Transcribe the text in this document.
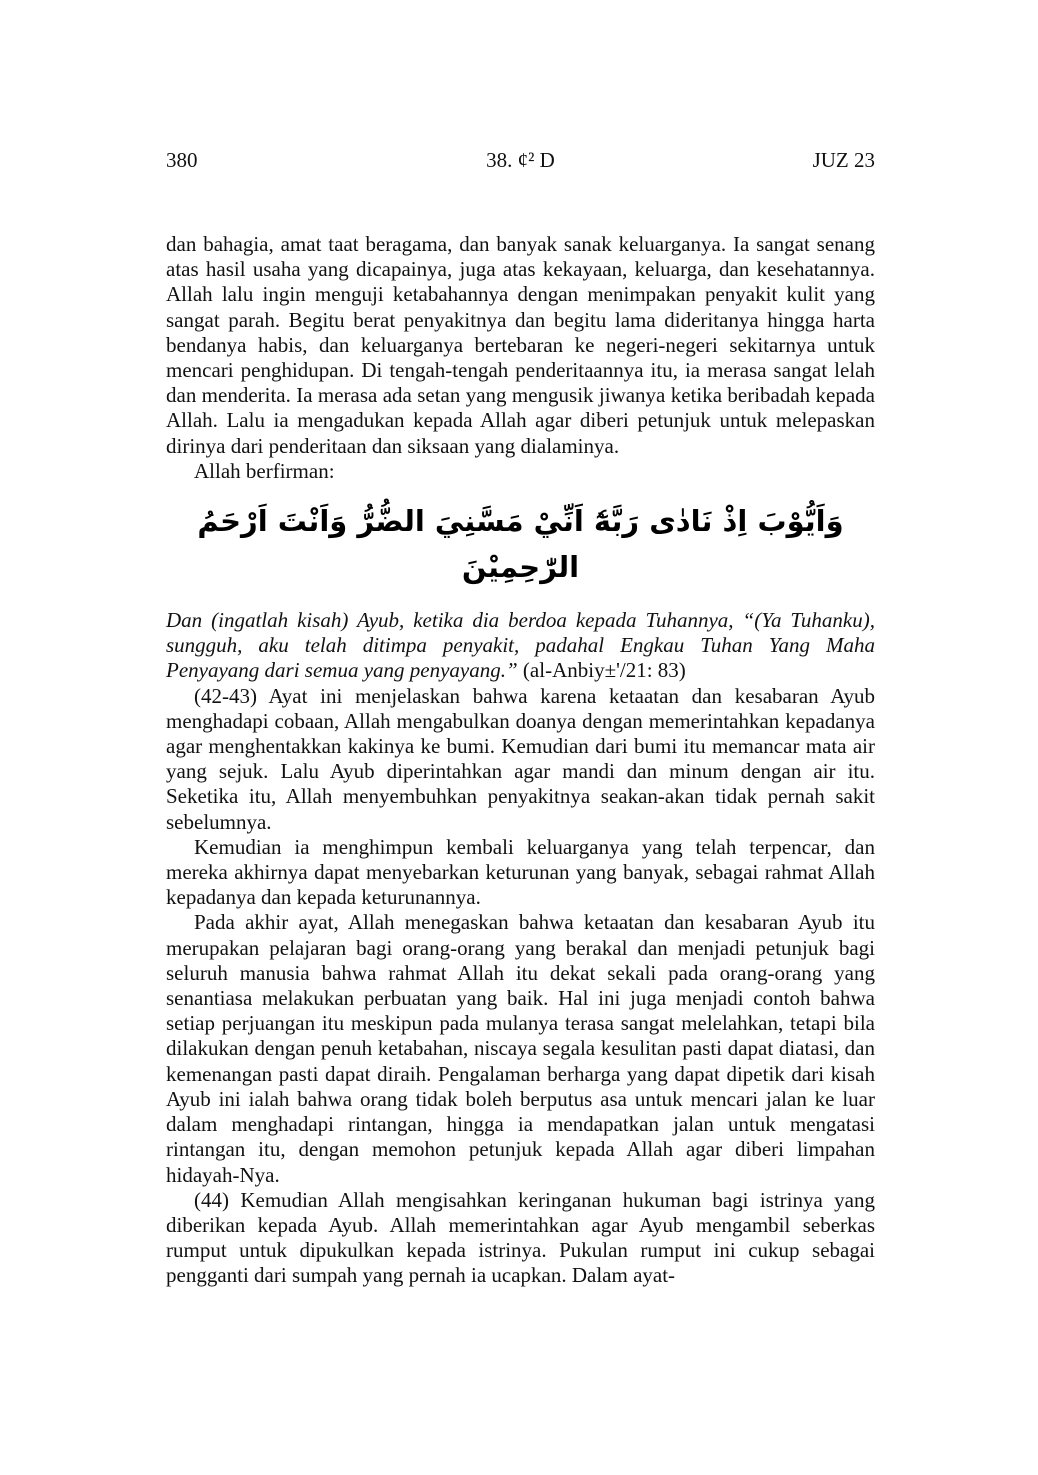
380	38. ¢² D	JUZ 23

dan bahagia, amat taat beragama, dan banyak sanak keluarganya. Ia sangat senang atas hasil usaha yang dicapainya, juga atas kekayaan, keluarga, dan kesehatannya. Allah lalu ingin menguji ketabahannya dengan menimpakan penyakit kulit yang sangat parah. Begitu berat penyakitnya dan begitu lama dideritanya hingga harta bendanya habis, dan keluarganya bertebaran ke negeri-negeri sekitarnya untuk mencari penghidupan. Di tengah-tengah penderitaannya itu, ia merasa sangat lelah dan menderita. Ia merasa ada setan yang mengusik jiwanya ketika beribadah kepada Allah. Lalu ia mengadukan kepada Allah agar diberi petunjuk untuk melepaskan dirinya dari penderitaan dan siksaan yang dialaminya.

Allah berfirman:

وَاَيُّوْبَ اِذْ نَادٰى رَبَّهٗٓ اَنِّيْ مَسَّنِيَ الضُّرُّ وَاَنْتَ اَرْحَمُ الرّٰحِمِيْنَ

Dan (ingatlah kisah) Ayub, ketika dia berdoa kepada Tuhannya, “(Ya Tuhanku), sungguh, aku telah ditimpa penyakit, padahal Engkau Tuhan Yang Maha Penyayang dari semua yang penyayang.” (al-Anbiy±'/21: 83)

(42-43) Ayat ini menjelaskan bahwa karena ketaatan dan kesabaran Ayub menghadapi cobaan, Allah mengabulkan doanya dengan memerintahkan kepadanya agar menghentakkan kakinya ke bumi. Kemudian dari bumi itu memancar mata air yang sejuk. Lalu Ayub diperintahkan agar mandi dan minum dengan air itu. Seketika itu, Allah menyembuhkan penyakitnya seakan-akan tidak pernah sakit sebelumnya.

Kemudian ia menghimpun kembali keluarganya yang telah terpencar, dan mereka akhirnya dapat menyebarkan keturunan yang banyak, sebagai rahmat Allah kepadanya dan kepada keturunannya.

Pada akhir ayat, Allah menegaskan bahwa ketaatan dan kesabaran Ayub itu merupakan pelajaran bagi orang-orang yang berakal dan menjadi petunjuk bagi seluruh manusia bahwa rahmat Allah itu dekat sekali pada orang-orang yang senantiasa melakukan perbuatan yang baik. Hal ini juga menjadi contoh bahwa setiap perjuangan itu meskipun pada mulanya terasa sangat melelahkan, tetapi bila dilakukan dengan penuh ketabahan, niscaya segala kesulitan pasti dapat diatasi, dan kemenangan pasti dapat diraih. Pengalaman berharga yang dapat dipetik dari kisah Ayub ini ialah bahwa orang tidak boleh berputus asa untuk mencari jalan ke luar dalam menghadapi rintangan, hingga ia mendapatkan jalan untuk mengatasi rintangan itu, dengan memohon petunjuk kepada Allah agar diberi limpahan hidayah-Nya.

(44) Kemudian Allah mengisahkan keringanan hukuman bagi istrinya yang diberikan kepada Ayub. Allah memerintahkan agar Ayub mengambil seberkas rumput untuk dipukulkan kepada istrinya. Pukulan rumput ini cukup sebagai pengganti dari sumpah yang pernah ia ucapkan. Dalam ayat-
